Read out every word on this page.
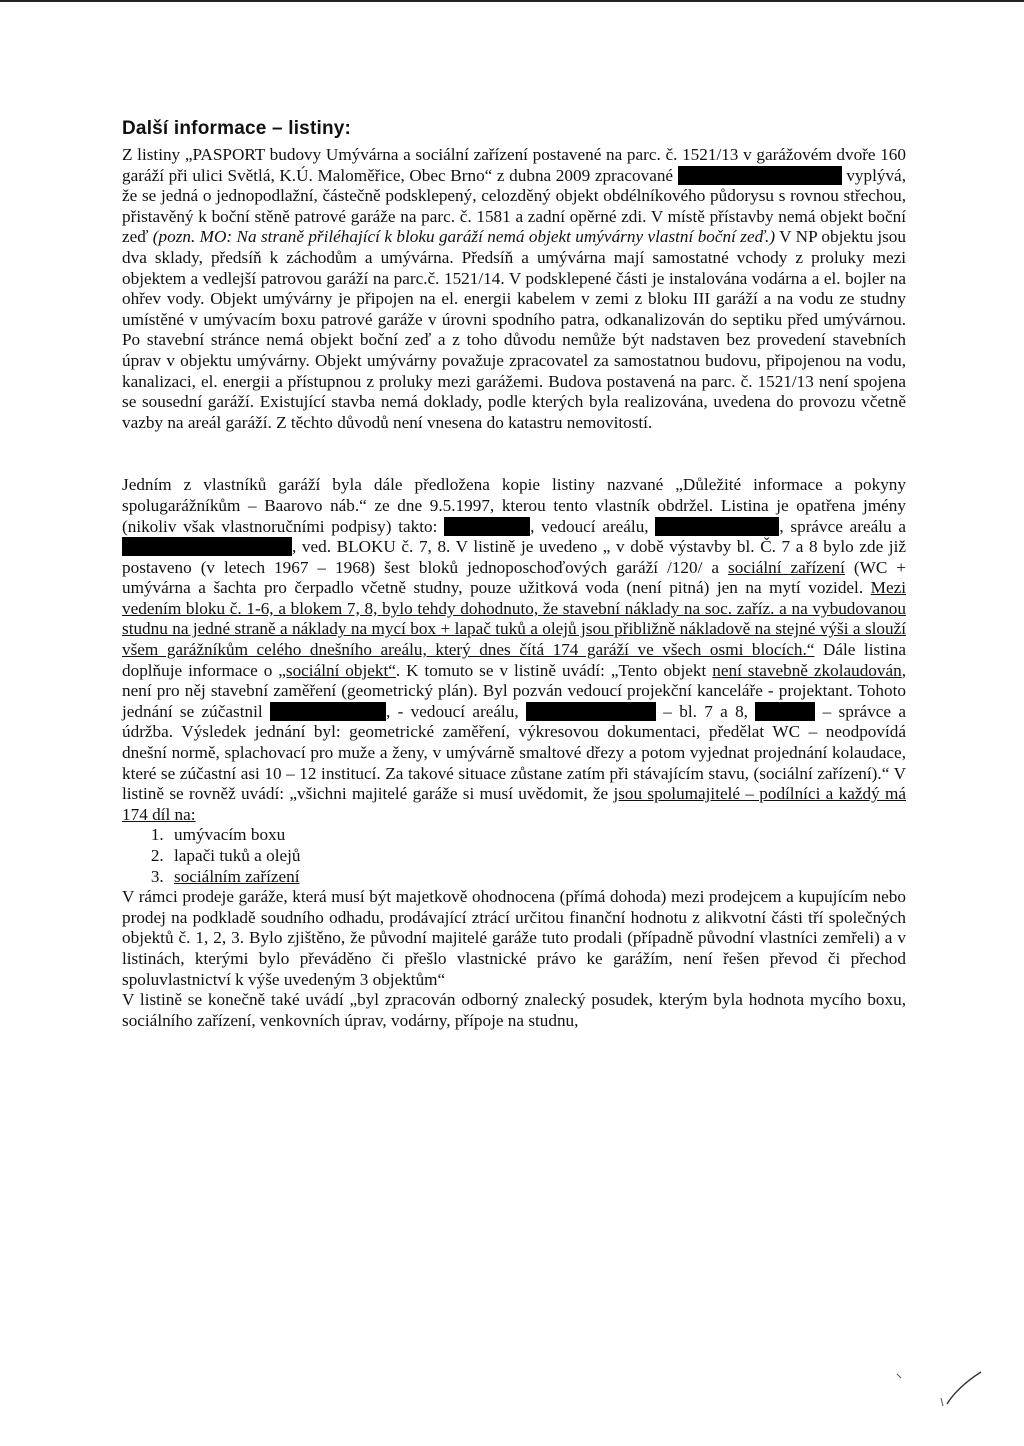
Další informace – listiny:

Z listiny „PASPORT budovy Umývárna a sociální zařízení postavené na parc. č. 1521/13 v garážovém dvoře 160 garáží při ulici Světlá, K.Ú. Maloměřice, Obec Brno“ z dubna 2009 zpracované	vyplývá, že se jedná o jednopodlažní, částečně podsklepený, celozděný objekt obdélníkového půdorysu s rovnou střechou, přistavěný k boční stěně patrové garáže na parc. č. 1581 a zadní opěrné zdi. V místě přístavby nemá objekt boční zeď (pozn. MO: Na straně přiléhající k bloku garáží nemá objekt umývárny vlastní boční zeď.) V NP objektu jsou dva sklady, předsíň k záchodům a umývárna. Předsíň a umývárna mají samostatné vchody z proluky mezi objektem a vedlejší patrovou garáží na parc.č. 1521/14. V podsklepené části je instalována vodárna a el. bojler na ohřev vody. Objekt umývárny je připojen na el. energii kabelem v zemi z bloku III garáží a na vodu ze studny umístěné v umývacím boxu patrové garáže v úrovni spodního patra, odkanalizován do septiku před umývárnou. Po stavební stránce nemá objekt boční zeď a z toho důvodu nemůže být nadstaven bez provedení stavebních úprav v objektu umývárny. Objekt umývárny považuje zpracovatel za samostatnou budovu, připojenou na vodu, kanalizaci, el. energii a přístupnou z proluky mezi garážemi. Budova postavená na parc. č. 1521/13 není spojena se sousední garáží. Existující stavba nemá doklady, podle kterých byla realizována, uvedena do provozu včetně vazby na areál garáží. Z těchto důvodů není vnesena do katastru nemovitostí.

Jedním z vlastníků garáží byla dále předložena kopie listiny nazvané „Důležité informace a pokyny spolugarážníkům – Baarovo náb.“ ze dne 9.5.1997, kterou tento vlastník obdržel. Listina je opatřena jmény (nikoliv však vlastnoručními podpisy) takto:	, vedoucí areálu,	, správce areálu a , ved. BLOKU č. 7, 8. V listině je uvedeno „ v době výstavby bl. Č. 7 a 8 bylo zde již postaveno (v letech 1967 – 1968) šest bloků jednoposchoďových garáží /120/ a sociální zařízení (WC + umývárna a šachta pro čerpadlo včetně studny, pouze užitková voda (není pitná) jen na mytí vozidel. Mezi vedením bloku č. 1-6, a blokem 7, 8, bylo tehdy dohodnuto, že stavební náklady na soc. zaříz. a na vybudovanou studnu na jedné straně a náklady na mycí box + lapač tuků a olejů jsou přibližně nákladově na stejné výši a slouží všem garážníkům celého dnešního areálu, který dnes čítá 174 garáží ve všech osmi blocích.“ Dále listina doplňuje informace o „sociální objekt“. K tomuto se v listině uvádí: „Tento objekt není stavebně zkolaudován, není pro něj stavební zaměření (geometrický plán). Byl pozván vedoucí projekční kanceláře - projektant. Tohoto jednání se zúčastnil	, - vedoucí areálu,	– bl. 7 a 8,	– správce a údržba. Výsledek jednání byl: geometrické zaměření, výkresovou dokumentaci, předělat WC – neodpovídá dnešní normě, splachovací pro muže a ženy, v umývárně smaltové dřezy a potom vyjednat projednání kolaudace, které se zúčastní asi 10 – 12 institucí. Za takové situace zůstane zatím při stávajícím stavu, (sociální zařízení).“ V listině se rovněž uvádí: „všichni majitelé garáže si musí uvědomit, že jsou spolumajitelé – podílníci a každý má 174 díl na:

1. umývacím boxu
2. lapači tuků a olejů
3. sociálním zařízení

V rámci prodeje garáže, která musí být majetkově ohodnocena (přímá dohoda) mezi prodejcem a kupujícím nebo prodej na podkladě soudního odhadu, prodávající ztrácí určitou finanční hodnotu z alikvotní části tří společných objektů č. 1, 2, 3. Bylo zjištěno, že původní majitelé garáže tuto prodali (případně původní vlastníci zemřeli) a v listinách, kterými bylo převáděno či přešlo vlastnické právo ke garážím, není řešen převod či přechod spoluvlastnictví k výše uvedeným 3 objektům“

V listině se konečně také uvádí „byl zpracován odborný znalecký posudek, kterým byla hodnota mycího boxu, sociálního zařízení, venkovních úprav, vodárny, přípoje na studnu,
